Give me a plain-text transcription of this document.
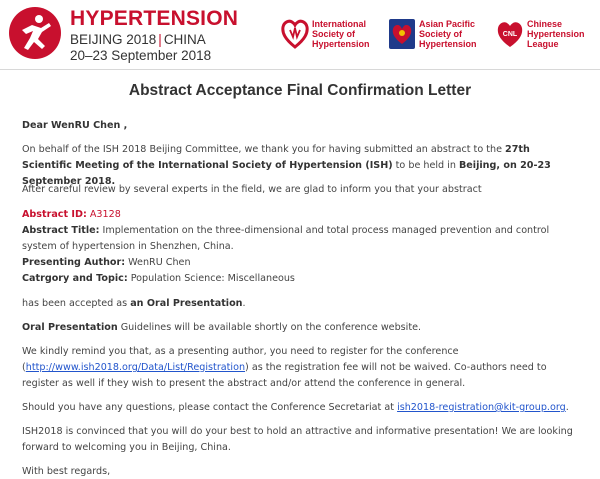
HYPERTENSION
BEIJING 2018 | CHINA
20–23 September 2018
International
Society of
Hypertension
Asian Pacific
Society of
Hypertension
CNL
Chinese
Hypertension
League
Abstract Acceptance Final Confirmation Letter
Dear WenRU Chen ,
On behalf of the ISH 2018 Beijing Committee, we thank you for having submitted an abstract to the 27th Scientific Meeting of the International Society of Hypertension (ISH) to be held in Beijing, on 20-23 September 2018.
After careful review by several experts in the field, we are glad to inform you that your abstract
Abstract ID: A3128
Abstract Title: Implementation on the three-dimensional and total process managed prevention and control system of hypertension in Shenzhen, China.
Presenting Author: WenRU Chen
Catrgory and Topic: Population Science: Miscellaneous
has been accepted as an Oral Presentation.
Oral Presentation Guidelines will be available shortly on the conference website.
We kindly remind you that, as a presenting author, you need to register for the conference (http://www.ish2018.org/Data/List/Registration) as the registration fee will not be waived. Co-authors need to register as well if they wish to present the abstract and/or attend the conference in general.
Should you have any questions, please contact the Conference Secretariat at ish2018-registration@kit-group.org.
ISH2018 is convinced that you will do your best to hold an attractive and informative presentation! We are looking forward to welcoming you in Beijing, China.
With best regards,
